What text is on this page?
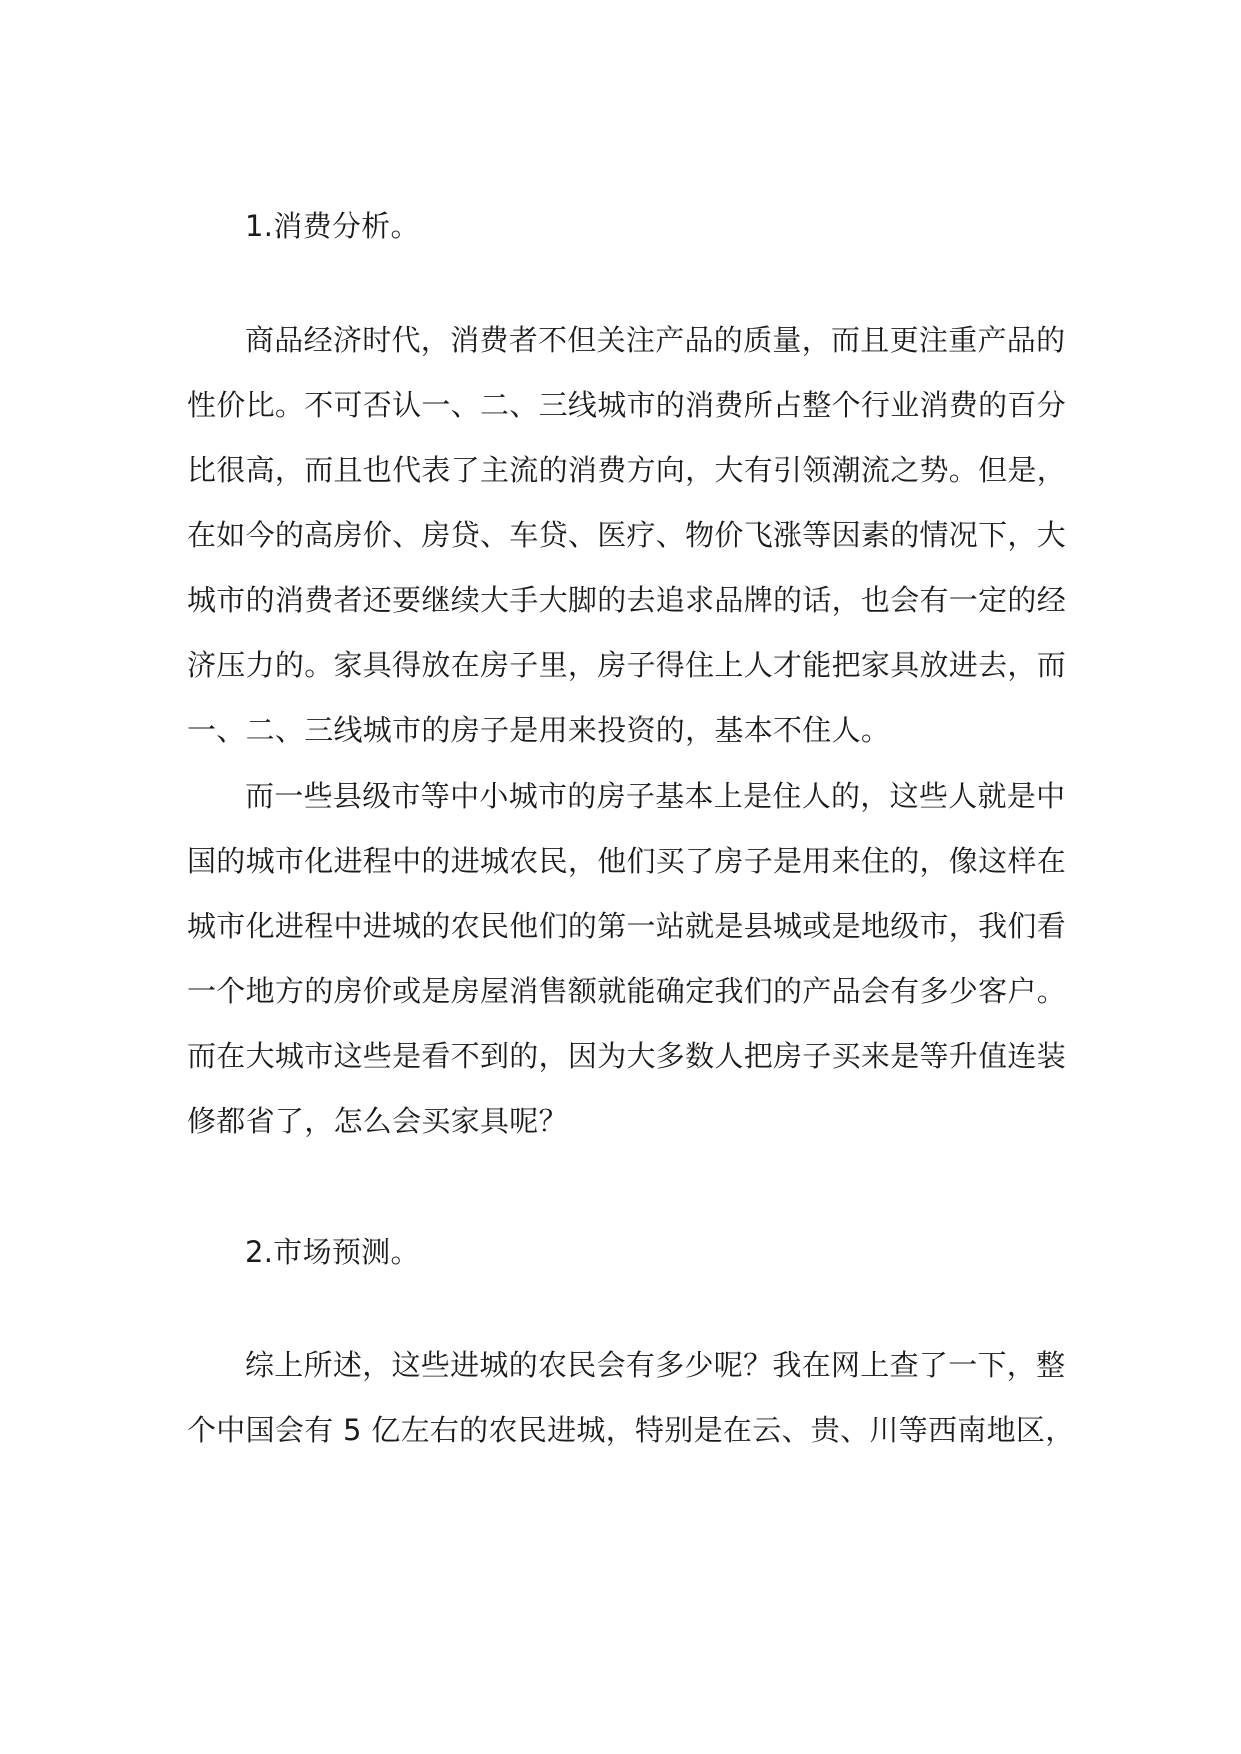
1.消费分析。
商品经济时代，消费者不但关注产品的质量，而且更注重产品的
性价比。不可否认一、二、三线城市的消费所占整个行业消费的百分
比很高，而且也代表了主流的消费方向，大有引领潮流之势。但是，
在如今的高房价、房贷、车贷、医疗、物价飞涨等因素的情况下，大
城市的消费者还要继续大手大脚的去追求品牌的话，也会有一定的经
济压力的。家具得放在房子里，房子得住上人才能把家具放进去，而
一、二、三线城市的房子是用来投资的，基本不住人。
而一些县级市等中小城市的房子基本上是住人的，这些人就是中
国的城市化进程中的进城农民，他们买了房子是用来住的，像这样在
城市化进程中进城的农民他们的第一站就是县城或是地级市，我们看
一个地方的房价或是房屋消售额就能确定我们的产品会有多少客户。
而在大城市这些是看不到的，因为大多数人把房子买来是等升值连装
修都省了，怎么会买家具呢？
2.市场预测。
综上所述，这些进城的农民会有多少呢？我在网上查了一下，整
个中国会有 5 亿左右的农民进城，特别是在云、贵、川等西南地区，
